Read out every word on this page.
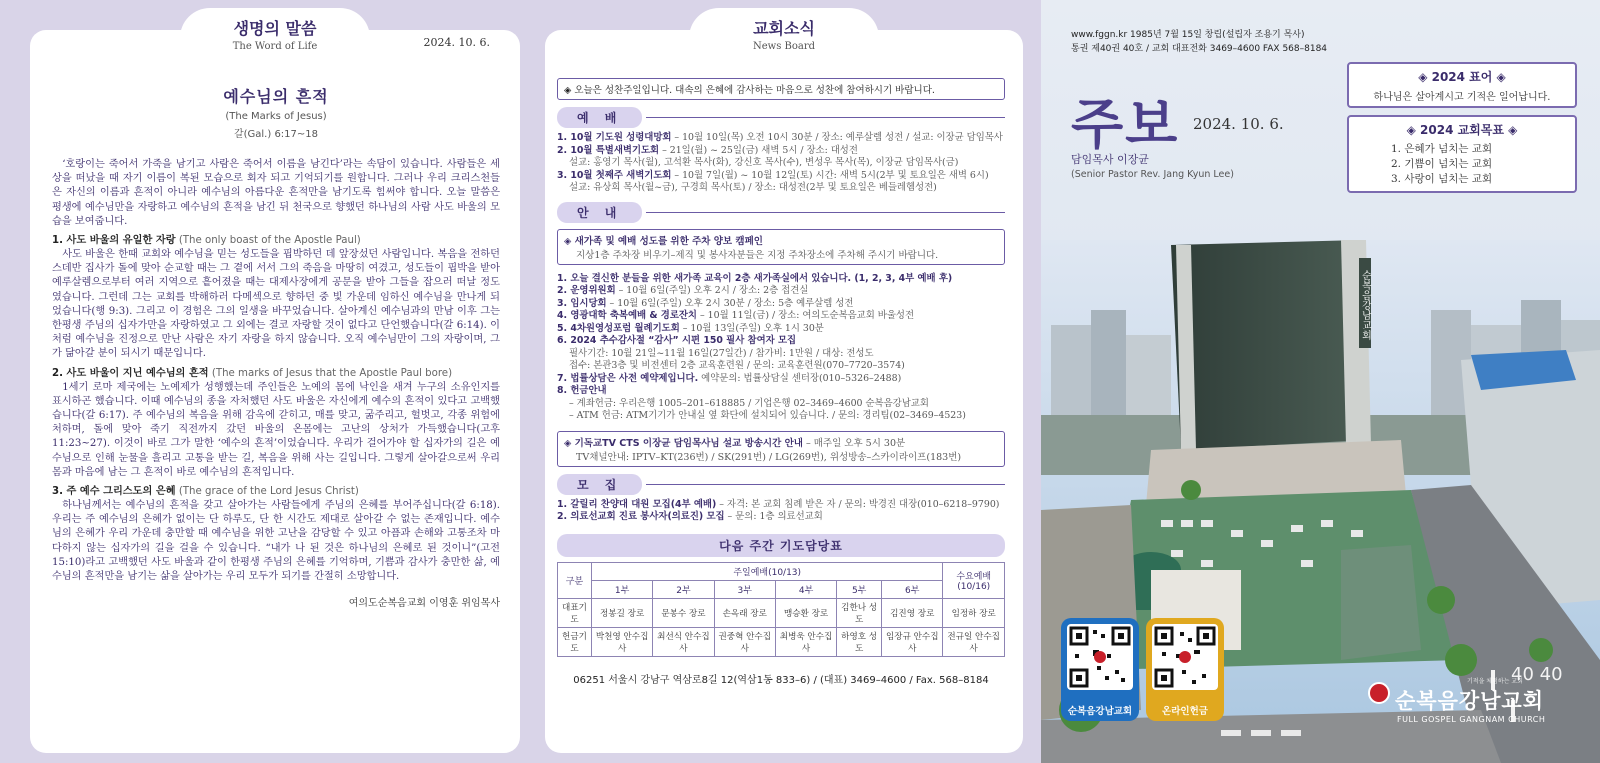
생명의 말씀
The Word of Life	2024. 10. 6.
예수님의 흔적
(The Marks of Jesus)
갈(Gal.) 6:17~18

‘호랑이는 죽어서 가죽을 남기고 사람은 죽어서 이름을 남긴다’라는 속담이 있습니다. 사람들은 세상을 떠났을 때 자기 이름이 복된 모습으로 회자 되고 기억되기를 원합니다. 그러나 우리 크리스천들은 자신의 이름과 흔적이 아니라 예수님의 아름다운 흔적만을 남기도록 힘써야 합니다. 오늘 말씀은 평생에 예수님만을 자랑하고 예수님의 흔적을 남긴 뒤 천국으로 향했던 하나님의 사람 사도 바울의 모습을 보여줍니다.

1. 사도 바울의 유일한 자랑 (The only boast of the Apostle Paul)

사도 바울은 한때 교회와 예수님을 믿는 성도들을 핍박하던 데 앞장섰던 사람입니다. 복음을 전하던 스데반 집사가 돌에 맞아 순교할 때는 그 곁에 서서 그의 죽음을 마땅히 여겼고, 성도들이 핍박을 받아 예루살렘으로부터 여러 지역으로 흩어졌을 때는 대제사장에게 공문을 받아 그들을 잡으러 떠날 정도였습니다. 그런데 그는 교회를 박해하러 다메섹으로 향하던 중 빛 가운데 임하신 예수님을 만나게 되었습니다(행 9:3). 그리고 이 경험은 그의 일생을 바꾸었습니다. 살아계신 예수님과의 만남 이후 그는 한평생 주님의 십자가만을 자랑하였고 그 외에는 결코 자랑할 것이 없다고 단언했습니다(갈 6:14). 이처럼 예수님을 진정으로 만난 사람은 자기 자랑을 하지 않습니다. 오직 예수님만이 그의 자랑이며, 그가 닮아갈 분이 되시기 때문입니다.

2. 사도 바울이 지닌 예수님의 흔적 (The marks of Jesus that the Apostle Paul bore)

1세기 로마 제국에는 노예제가 성행했는데 주인들은 노예의 몸에 낙인을 새겨 누구의 소유인지를 표시하곤 했습니다. 이때 예수님의 종을 자처했던 사도 바울은 자신에게 예수의 흔적이 있다고 고백했습니다(갈 6:17). 주 예수님의 복음을 위해 감옥에 갇히고, 매를 맞고, 굶주리고, 헐벗고, 각종 위험에 처하며, 돌에 맞아 죽기 직전까지 갔던 바울의 온몸에는 고난의 상처가 가득했습니다(고후 11:23~27). 이것이 바로 그가 말한 ‘예수의 흔적’이었습니다. 우리가 걸어가야 할 십자가의 길은 예수님으로 인해 눈물을 흘리고 고통을 받는 길, 복음을 위해 사는 길입니다. 그렇게 살아갈으로써 우리 몸과 마음에 남는 그 흔적이 바로 예수님의 흔적입니다.

3. 주 예수 그리스도의 은혜 (The grace of the Lord Jesus Christ)

하나님께서는 예수님의 흔적을 갖고 살아가는 사람들에게 주님의 은혜를 부어주십니다(갈 6:18). 우리는 주 예수님의 은혜가 없이는 단 하루도, 단 한 시간도 제대로 살아갈 수 없는 존재입니다. 예수님의 은혜가 우리 가운데 충만할 때 예수님을 위한 고난을 감당할 수 있고 아픔과 손해와 고통조차 마다하지 않는 십자가의 길을 걸을 수 있습니다. “내가 나 된 것은 하나님의 은혜로 된 것이니”(고전 15:10)라고 고백했던 사도 바울과 같이 한평생 주님의 은혜를 기억하며, 기쁨과 감사가 충만한 삶, 예수님의 흔적만을 남기는 삶을 살아가는 우리 모두가 되기를 간절히 소망합니다.

여의도순복음교회 이영훈 위임목사
교회소식
News Board
◈ 오늘은 성찬주일입니다. 대속의 은혜에 감사하는 마음으로 성찬에 참여하시기 바랍니다.
예 배
1. 10월 기도원 성령대망회 – 10월 10일(목) 오전 10시 30분 / 장소: 예루살렘 성전 / 설교: 이장균 담임목사
2. 10월 특별새벽기도회 – 21일(월) ~ 25일(금) 새벽 5시 / 장소: 대성전
설교: 홍영기 목사(월), 고석환 목사(화), 강신호 목사(수), 변성우 목사(목), 이장균 담임목사(금)
3. 10월 첫째주 새벽기도회 – 10월 7일(월) ~ 10월 12일(토) 시간: 새벽 5시(2부 및 토요일은 새벽 6시)
설교: 유상희 목사(월~금), 구경희 목사(토) / 장소: 대성전(2부 및 토요일은 베들레헴성전)
안 내
◈ 새가족 및 예배 성도를 위한 주차 양보 캠페인
지상1층 주차장 비우기–제직 및 봉사자분들은 지정 주차장소에 주차해 주시기 바랍니다.
1. 오늘 결신한 분들을 위한 새가족 교육이 2층 새가족실에서 있습니다. (1, 2, 3, 4부 예배 후)
2. 운영위원회 – 10월 6일(주일) 오후 2시 / 장소: 2층 접견실
3. 임시당회 – 10월 6일(주일) 오후 2시 30분 / 장소: 5층 예루살렘 성전
4. 영광대학 축복예배 & 경로잔치 – 10월 11일(금) / 장소: 여의도순복음교회 바울성전
5. 4차원영성포럼 월례기도회 – 10월 13일(주일) 오후 1시 30분
6. 2024 추수감사절 “감사” 시편 150 필사 참여자 모집
필사기간: 10월 21일~11월 16일(27일간) / 참가비: 1만원 / 대상: 전성도
접수: 본관3층 및 비전센터 2층 교육훈련원 / 문의: 교육훈련원(070–7720–3574)
7. 법률상담은 사전 예약제입니다. 예약문의: 법률상담실 센터장(010–5326–2488)
8. 헌금안내
– 계좌헌금: 우리은행 1005–201–618885 / 기업은행 02–3469–4600 순복음강남교회
– ATM 헌금: ATM기기가 안내실 옆 화단에 설치되어 있습니다. / 문의: 경리팀(02–3469–4523)
◈ 기독교TV CTS 이장균 담임목사님 설교 방송시간 안내 – 매주일 오후 5시 30분
TV채널안내: IPTV–KT(236번) / SK(291번) / LG(269번), 위성방송–스카이라이프(183번)
모 집
1. 갈릴리 찬양대 대원 모집(4부 예배) – 자격: 본 교회 침례 받은 자 / 문의: 박경진 대장(010–6218–9790)
2. 의료선교회 진료 봉사자(의료진) 모집 – 문의: 1층 의료선교회
다음 주간 기도담당표
구분	주일예배(10/13)						수요예배
(10/16)
	1부	2부	3부	4부	5부	6부	
대표기도	정봉길 장로	문봉수 장로	손옥래 장로	맹승환 장로	김한나 성도	김진영 장로	임정하 장로
헌금기도	박천영 안수집사	최선식 안수집사	권중혁 안수집사	최병욱 안수집사	하영호 성도	임장규 안수집사	전규일 안수집사
06251 서울시 강남구 역삼로8길 12(역삼1동 833–6) / (대표) 3469–4600 / Fax. 568–8184
www.fggn.kr 1985년 7월 15일 창립(설립자 조용기 목사)
통권 제40권 40호 / 교회 대표전화 3469–4600 FAX 568–8184
주보 2024. 10. 6.
담임목사 이장균
(Senior Pastor Rev. Jang Kyun Lee)
◈ 2024 표어 ◈
하나님은 살아계시고 기적은 일어납니다.
◈ 2024 교회목표 ◈
1. 은혜가 넘치는 교회
2. 기쁨이 넘치는 교회
3. 사랑이 넘치는 교회
순복음강남교회
40 40
순복음강남교회	온라인헌금
기적을 체험하는 교회
순복음강남교회
FULL GOSPEL GANGNAM CHURCH
